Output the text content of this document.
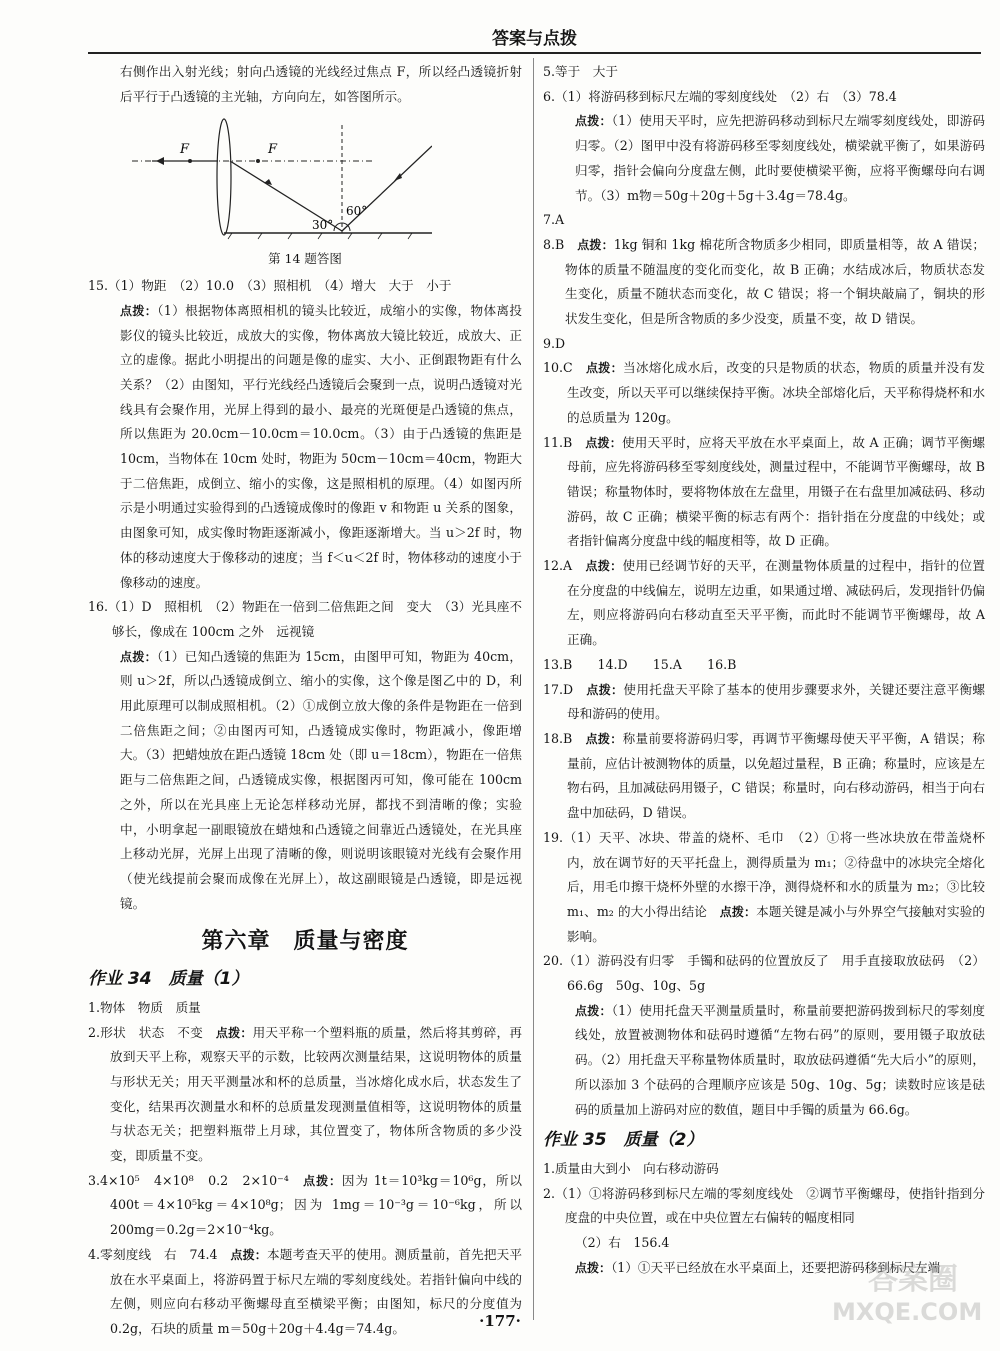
答案与点拨

右侧作出入射光线；射向凸透镜的光线经过焦点 F，所以经凸透镜折射后平行于凸透镜的主光轴，方向向左，如答图所示。

F	F
60°
30°
第 14 题答图

15.（1）物距　（2）10.0　（3）照相机　（4）增大　大于　小于

点拨：（1）根据物体离照相机的镜头比较近，成缩小的实像，物体离投影仪的镜头比较近，成放大的实像，物体离放大镜比较近，成放大、正立的虚像。据此小明提出的问题是像的虚实、大小、正倒跟物距有什么关系？（2）由图知，平行光线经凸透镜后会聚到一点，说明凸透镜对光线具有会聚作用，光屏上得到的最小、最亮的光斑便是凸透镜的焦点，所以焦距为 20.0cm－10.0cm＝10.0cm。（3）由于凸透镜的焦距是 10cm，当物体在 10cm 处时，物距为 50cm－10cm＝40cm，物距大于二倍焦距，成倒立、缩小的实像，这是照相机的原理。（4）如图丙所示是小明通过实验得到的凸透镜成像时的像距 v 和物距 u 关系的图象，由图象可知，成实像时物距逐渐减小，像距逐渐增大。当 u＞2f 时，物体的移动速度大于像移动的速度；当 f＜u＜2f 时，物体移动的速度小于像移动的速度。

16.（1）D　照相机　（2）物距在一倍到二倍焦距之间　变大　（3）光具座不够长，像成在 100cm 之外　远视镜

点拨：（1）已知凸透镜的焦距为 15cm，由图甲可知，物距为 40cm，则 u＞2f，所以凸透镜成倒立、缩小的实像，这个像是图乙中的 D，利用此原理可以制成照相机。（2）①成倒立放大像的条件是物距在一倍到二倍焦距之间；②由图丙可知，凸透镜成实像时，物距减小，像距增大。（3）把蜡烛放在距凸透镜 18cm 处（即 u＝18cm），物距在一倍焦距与二倍焦距之间，凸透镜成实像，根据图丙可知，像可能在 100cm 之外，所以在光具座上无论怎样移动光屏，都找不到清晰的像；实验中，小明拿起一副眼镜放在蜡烛和凸透镜之间靠近凸透镜处，在光具座上移动光屏，光屏上出现了清晰的像，则说明该眼镜对光线有会聚作用（使光线提前会聚而成像在光屏上），故这副眼镜是凸透镜，即是远视镜。

第六章　质量与密度
作业 34　质量（1）

1.物体　物质　质量

2.形状　状态　不变　点拨：用天平称一个塑料瓶的质量，然后将其剪碎，再放到天平上称，观察天平的示数，比较两次测量结果，这说明物体的质量与形状无关；用天平测量冰和杯的总质量，当冰熔化成水后，状态发生了变化，结果再次测量水和杯的总质量发现测量值相等，这说明物体的质量与状态无关；把塑料瓶带上月球，其位置变了，物体所含物质的多少没变，即质量不变。

3.4×10⁵　4×10⁸　0.2　2×10⁻⁴　点拨：因为 1t＝10³kg＝10⁶g，所以 400t＝4×10⁵kg＝4×10⁸g；因为 1mg＝10⁻³g＝10⁻⁶kg，所以 200mg＝0.2g＝2×10⁻⁴kg。

4.零刻度线　右　74.4　点拨：本题考查天平的使用。测质量前，首先把天平放在水平桌面上，将游码置于标尺左端的零刻度线处。若指针偏向中线的左侧，则应向右移动平衡螺母直至横梁平衡；由图知，标尺的分度值为 0.2g，石块的质量 m＝50g＋20g＋4.4g＝74.4g。

5.等于　大于

6.（1）将游码移到标尺左端的零刻度线处　（2）右　（3）78.4

点拨：（1）使用天平时，应先把游码移动到标尺左端零刻度线处，即游码归零。（2）图甲中没有将游码移至零刻度线处，横梁就平衡了，如果游码归零，指针会偏向分度盘左侧，此时要使横梁平衡，应将平衡螺母向右调节。（3）m物＝50g＋20g＋5g＋3.4g＝78.4g。

7.A

8.B　点拨：1kg 铜和 1kg 棉花所含物质多少相同，即质量相等，故 A 错误；物体的质量不随温度的变化而变化，故 B 正确；水结成冰后，物质状态发生变化，质量不随状态而变化，故 C 错误；将一个铜块敲扁了，铜块的形状发生变化，但是所含物质的多少没变，质量不变，故 D 错误。

9.D

10.C　点拨：当冰熔化成水后，改变的只是物质的状态，物质的质量并没有发生改变，所以天平可以继续保持平衡。冰块全部熔化后，天平称得烧杯和水的总质量为 120g。

11.B　点拨：使用天平时，应将天平放在水平桌面上，故 A 正确；调节平衡螺母前，应先将游码移至零刻度线处，测量过程中，不能调节平衡螺母，故 B 错误；称量物体时，要将物体放在左盘里，用镊子在右盘里加减砝码、移动游码，故 C 正确；横梁平衡的标志有两个：指针指在分度盘的中线处；或者指针偏离分度盘中线的幅度相等，故 D 正确。

12.A　点拨：使用已经调节好的天平，在测量物体质量的过程中，指针的位置在分度盘的中线偏左，说明左边重，如果通过增、减砝码后，发现指针仍偏左，则应将游码向右移动直至天平平衡，而此时不能调节平衡螺母，故 A 正确。

13.B　　14.D　　15.A　　16.B

17.D　点拨：使用托盘天平除了基本的使用步骤要求外，关键还要注意平衡螺母和游码的使用。

18.B　点拨：称量前要将游码归零，再调节平衡螺母使天平平衡，A 错误；称量前，应估计被测物体的质量，以免超过量程，B 正确；称量时，应该是左物右码，且加减砝码用镊子，C 错误；称量时，向右移动游码，相当于向右盘中加砝码，D 错误。

19.（1）天平、冰块、带盖的烧杯、毛巾　（2）①将一些冰块放在带盖烧杯内，放在调节好的天平托盘上，测得质量为 m₁；②待盘中的冰块完全熔化后，用毛巾擦干烧杯外壁的水擦干净，测得烧杯和水的质量为 m₂；③比较 m₁、m₂ 的大小得出结论　点拨：本题关键是减小与外界空气接触对实验的影响。

20.（1）游码没有归零　手镯和砝码的位置放反了　用手直接取放砝码　（2）66.6g　50g、10g、5g

点拨：（1）使用托盘天平测量质量时，称量前要把游码拨到标尺的零刻度线处，放置被测物体和砝码时遵循“左物右码”的原则，要用镊子取放砝码。（2）用托盘天平称量物体质量时，取放砝码遵循“先大后小”的原则，所以添加 3 个砝码的合理顺序应该是 50g、10g、5g；读数时应该是砝码的质量加上游码对应的数值，题目中手镯的质量为 66.6g。

作业 35　质量（2）

1.质量由大到小　向右移动游码

2.（1）①将游码移到标尺左端的零刻度线处　②调节平衡螺母，使指针指到分度盘的中央位置，或在中央位置左右偏转的幅度相同

（2）右　156.4

点拨：（1）①天平已经放在水平桌面上，还要把游码移到标尺左端

·177·
答案圈
MXQE.COM
